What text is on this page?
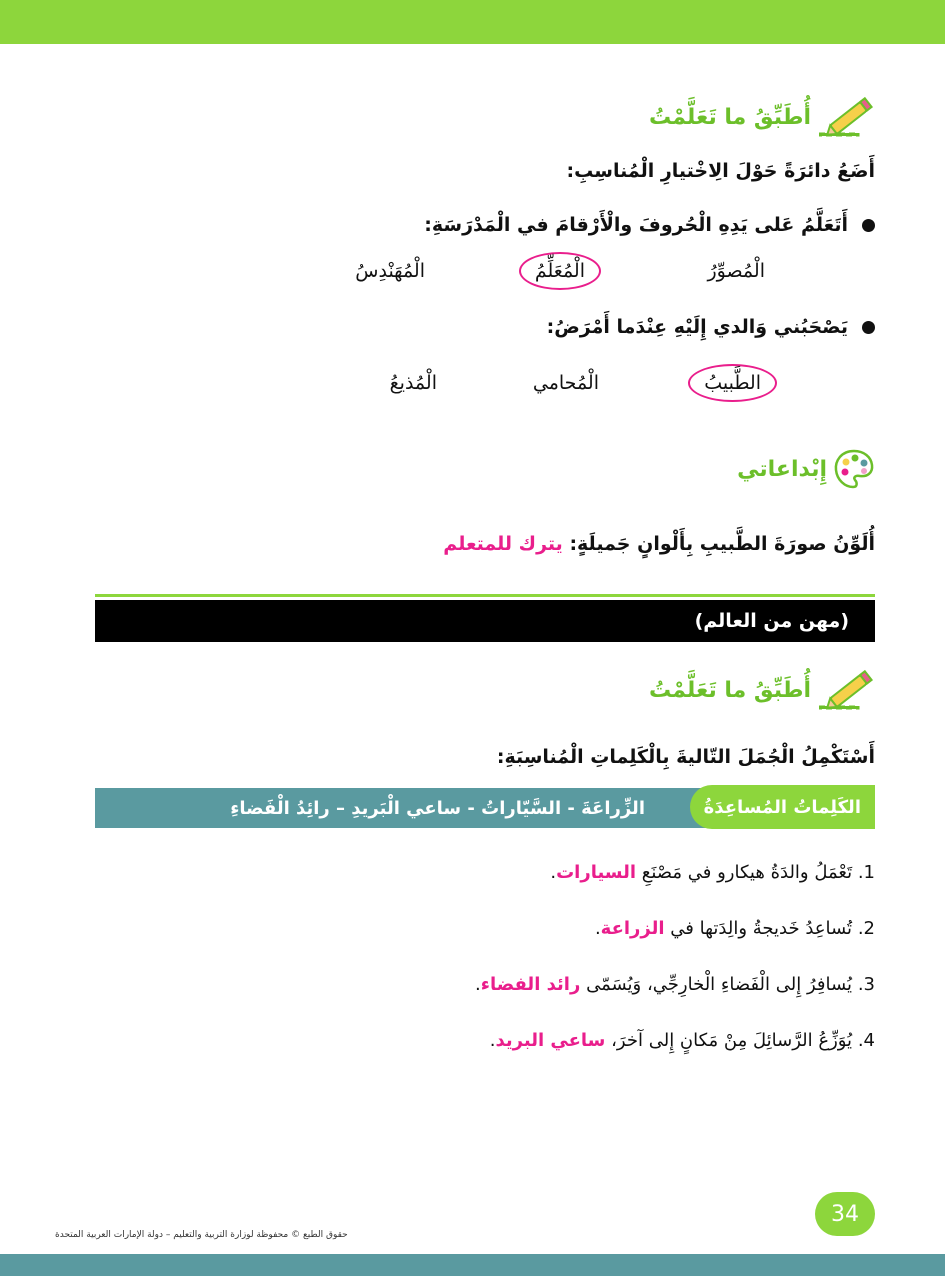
أُطَبِّقُ ما تَعَلَّمْتُ
أَضَعُ دائرَةً حَوْلَ الِاخْتيارِ الْمُناسِبِ:
أَتَعَلَّمُ عَلى يَدِهِ الْحُروفَ والْأَرْقامَ في الْمَدْرَسَةِ:
الْمُصوِّرُ
الْمُعَلِّمُ
الْمُهَنْدِسُ
يَصْحَبُني وَالدي إِلَيْهِ عِنْدَما أَمْرَضُ:
الطَّبيبُ
الْمُحامي
الْمُذيعُ
إِبْداعاتي
أُلَوِّنُ صورَةَ الطَّبيبِ بِأَلْوانٍ جَميلَةٍ: يترك للمتعلم
(مهن من العالم)
أُطَبِّقُ ما تَعَلَّمْتُ
أَسْتَكْمِلُ الْجُمَلَ التّاليةَ بِالْكَلِماتِ الْمُناسِبَةِ:
الكَلِماتُ المُساعِدَةُ
الزِّراعَةَ - السَّيّاراتُ - ساعي الْبَريدِ – رائِدُ الْفَضاءِ
1. تَعْمَلُ والدَةُ هيكارو في مَصْنَعِ السيارات.
2. تُساعِدُ خَديجةُ والِدَتها في الزراعة.
3. يُسافِرُ إِلى الْفَضاءِ الْخارِجِّي، وَيُسَمّى رائد الفضاء.
4. يُوَزِّعُ الرَّسائِلَ مِنْ مَكانٍ إِلى آخرَ، ساعي البريد.
34
حقوق الطبع © محفوظة لوزارة التربية والتعليم – دولة الإمارات العربية المتحدة
